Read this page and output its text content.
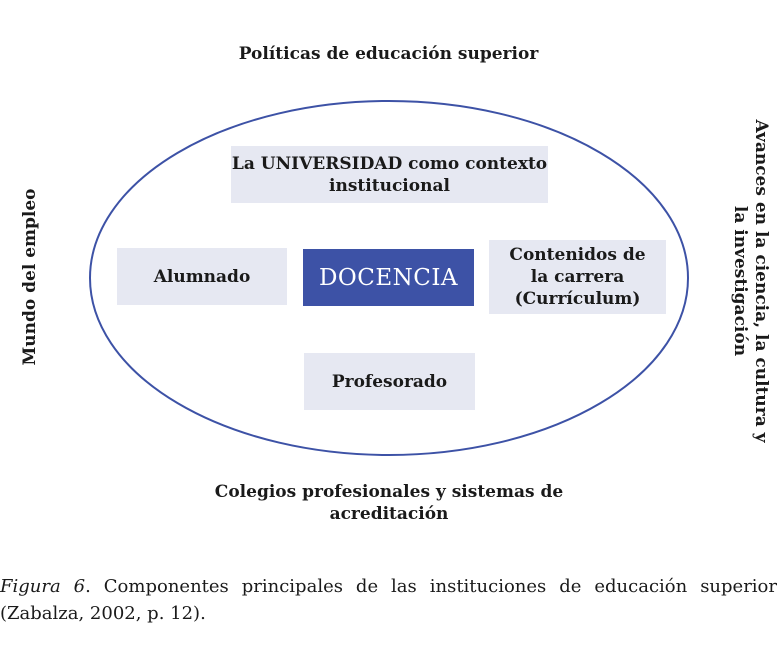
Políticas de educación superior
Colegios profesionales y sistemas de acreditación
Mundo del empleo	Avances en la ciencia, la cultura y la investigación
La UNIVERSIDAD como contexto institucional
Alumnado	DOCENCIA
Contenidos de la carrera (Currículum)
Profesorado
Figura 6. Componentes principales de las instituciones de educación superior (Zabalza, 2002, p. 12).
